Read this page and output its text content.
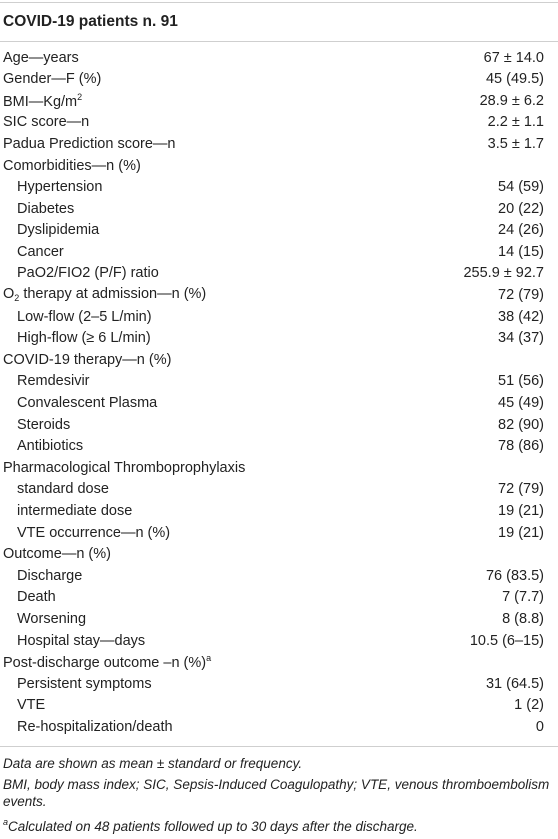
COVID-19 patients n. 91
Age—years	67 ± 14.0
Gender—F (%)	45 (49.5)
$BMI—Kg/m^2$	28.9 ± 6.2
SIC score—n	2.2 ± 1.1
Padua Prediction score—n	3.5 ± 1.7
Comorbidities—n (%)
Hypertension	54 (59)
Diabetes	20 (22)
Dyslipidemia	24 (26)
Cancer	14 (15)
PaO2/FIO2 (P/F) ratio	255.9 ± 92.7
$O_2$ therapy at admission—n (%)	72 (79)
Low-flow (2–5 L/min)	38 (42)
High-flow (≥ 6 L/min)	34 (37)
COVID-19 therapy—n (%)
Remdesivir	51 (56)
Convalescent Plasma	45 (49)
Steroids	82 (90)
Antibiotics	78 (86)
Pharmacological Thromboprophylaxis
standard dose	72 (79)
intermediate dose	19 (21)
VTE occurrence—n (%)	19 (21)
Outcome—n (%)
Discharge	76 (83.5)
Death	7 (7.7)
Worsening	8 (8.8)
Hospital stay—days	10.5 (6–15)
Post-discharge outcome –n (%)$^a$
Persistent symptoms	31 (64.5)
VTE	1 (2)
Re-hospitalization/death	0

Data are shown as mean ± standard or frequency.

BMI, body mass index; SIC, Sepsis-Induced Coagulopathy; VTE, venous thromboembolism events.

$^a$Calculated on 48 patients followed up to 30 days after the discharge.
